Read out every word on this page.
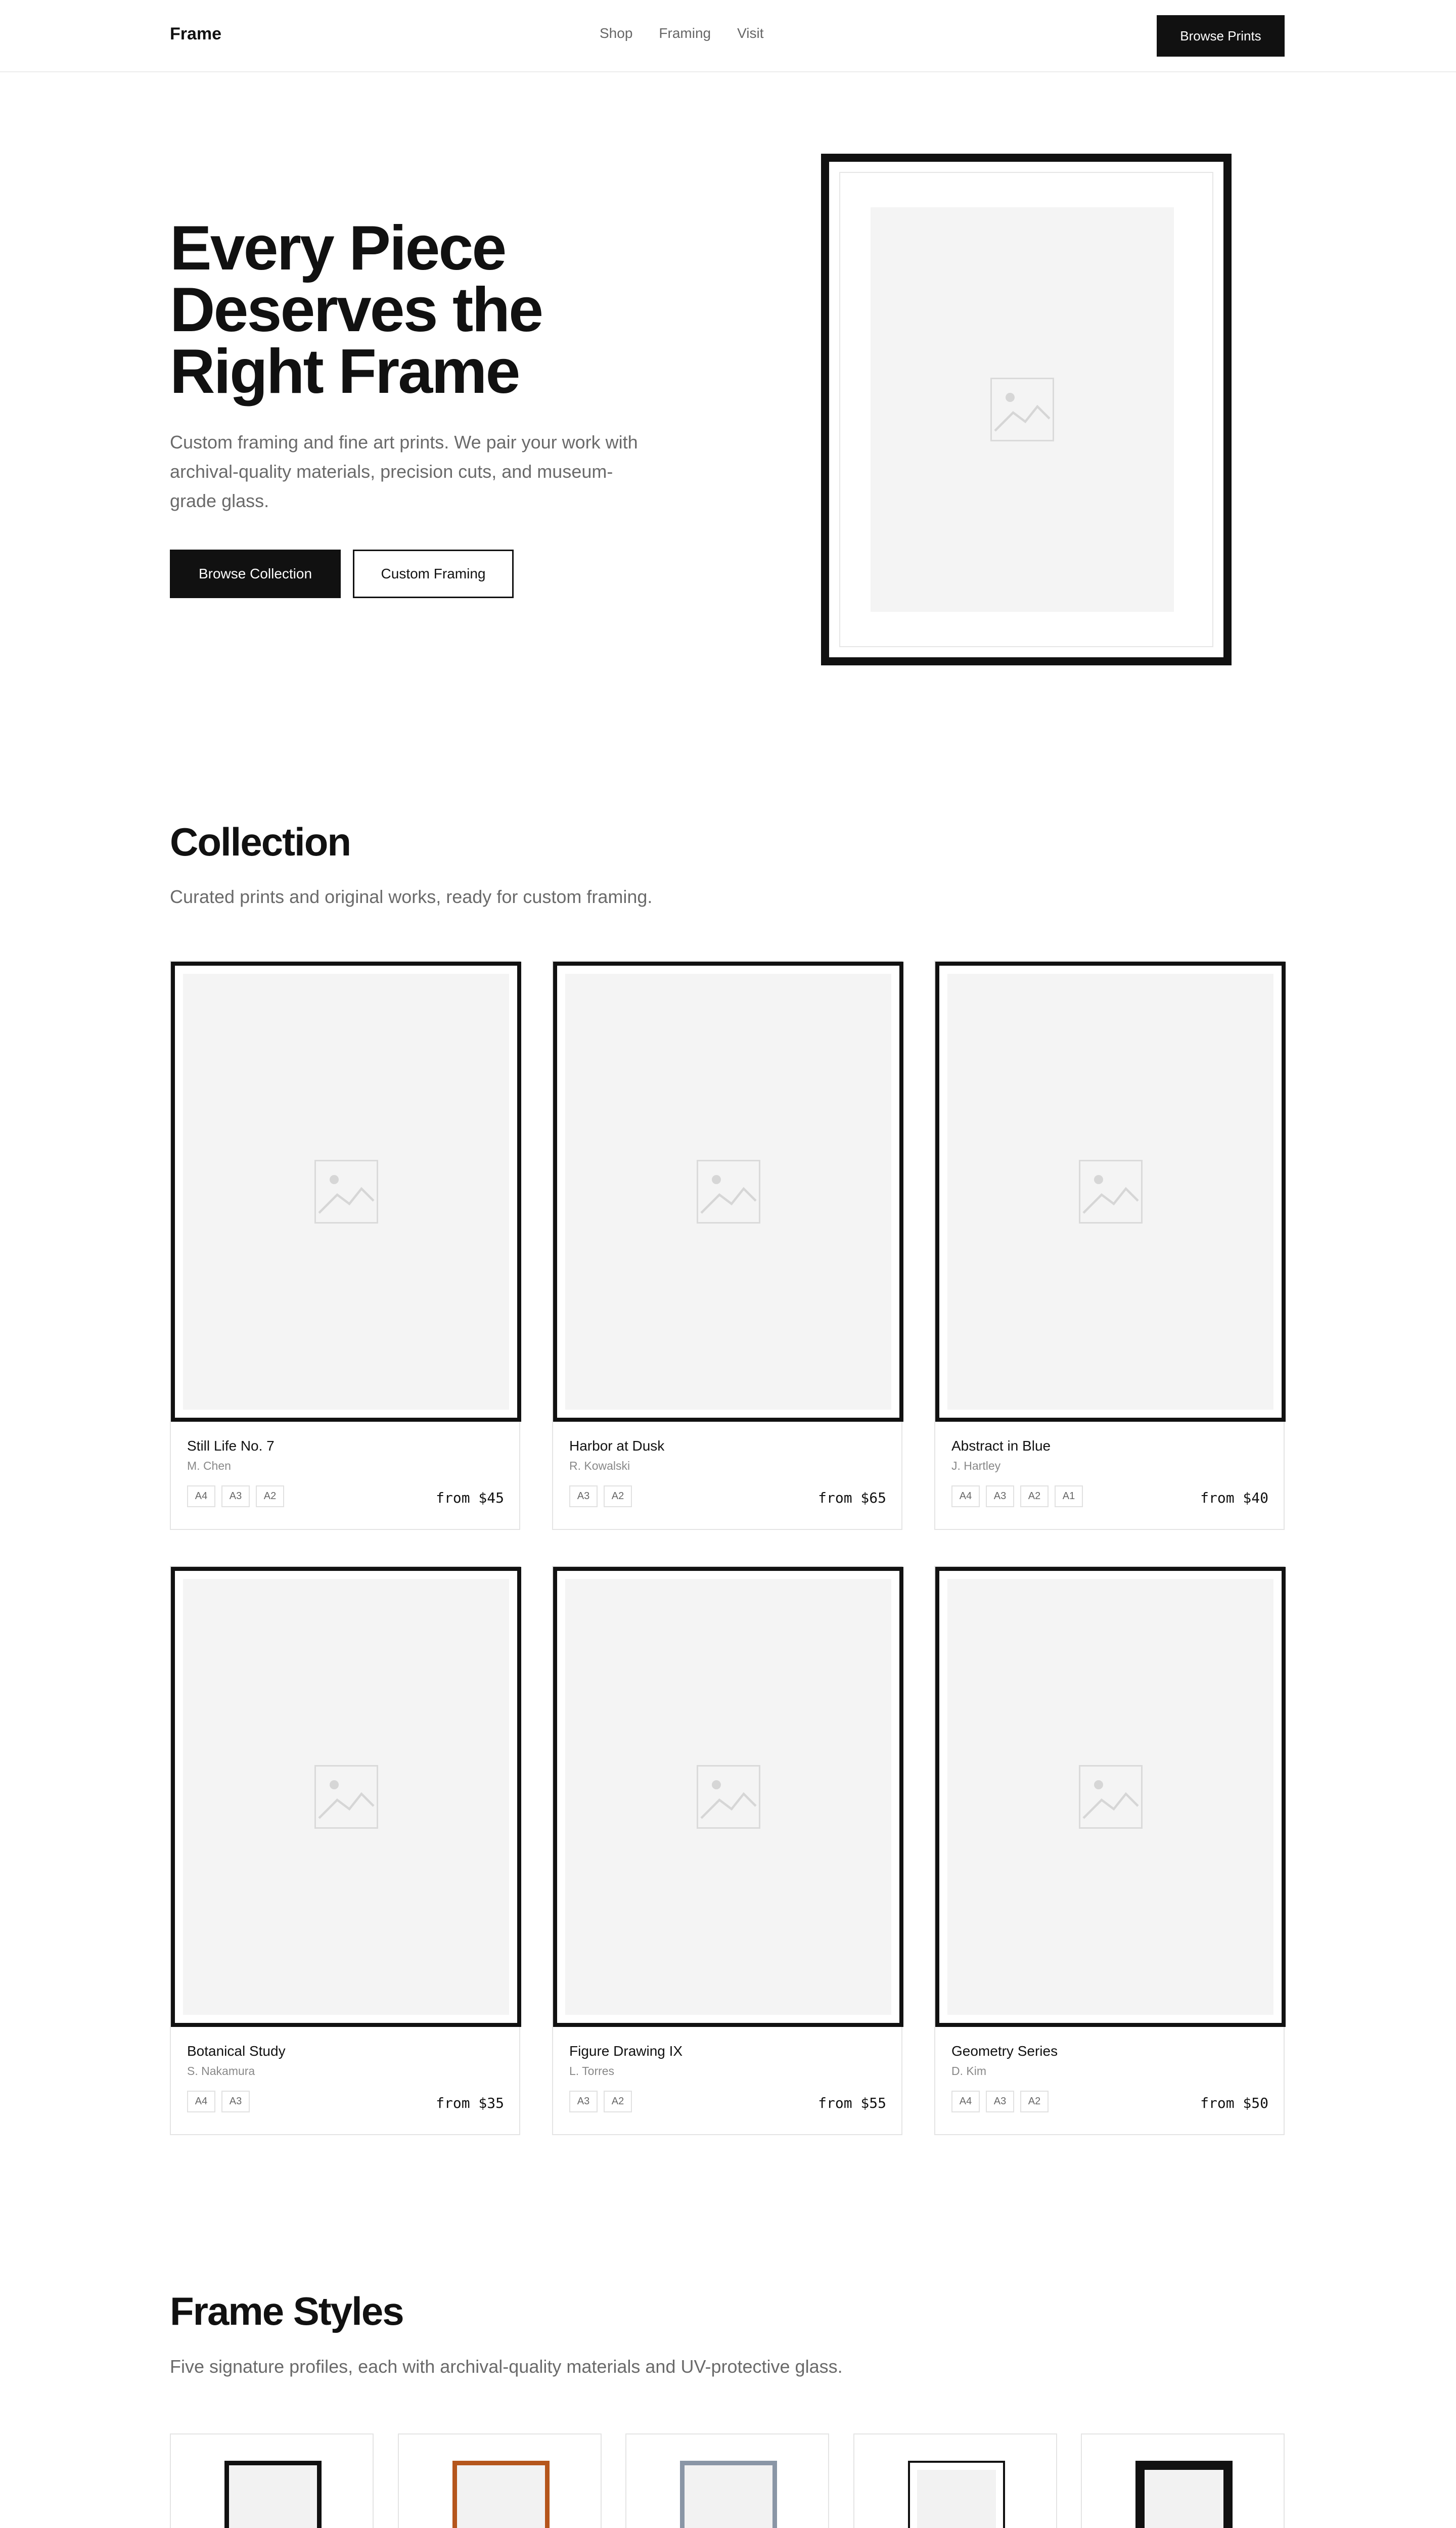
Frame	Shop Framing Visit	Browse Prints
Every Piece Deserves the Right Frame

Custom framing and fine art prints. We pair your work with archival-quality materials, precision cuts, and museum-grade glass.

Browse Collection	Custom Framing
Collection

Curated prints and original works, ready for custom framing.

Still Life No. 7
M. Chen
A4	A3	A2	from $45
Harbor at Dusk
R. Kowalski
A3	A2	from $65
Abstract in Blue
J. Hartley
A4	A3	A2	A1	from $40
Botanical Study
S. Nakamura
A4	A3	from $35
Figure Drawing IX
L. Torres
A3	A2	from $55
Geometry Series
D. Kim
A4	A3	A2	from $50
Frame Styles

Five signature profiles, each with archival-quality materials and UV-protective glass.
